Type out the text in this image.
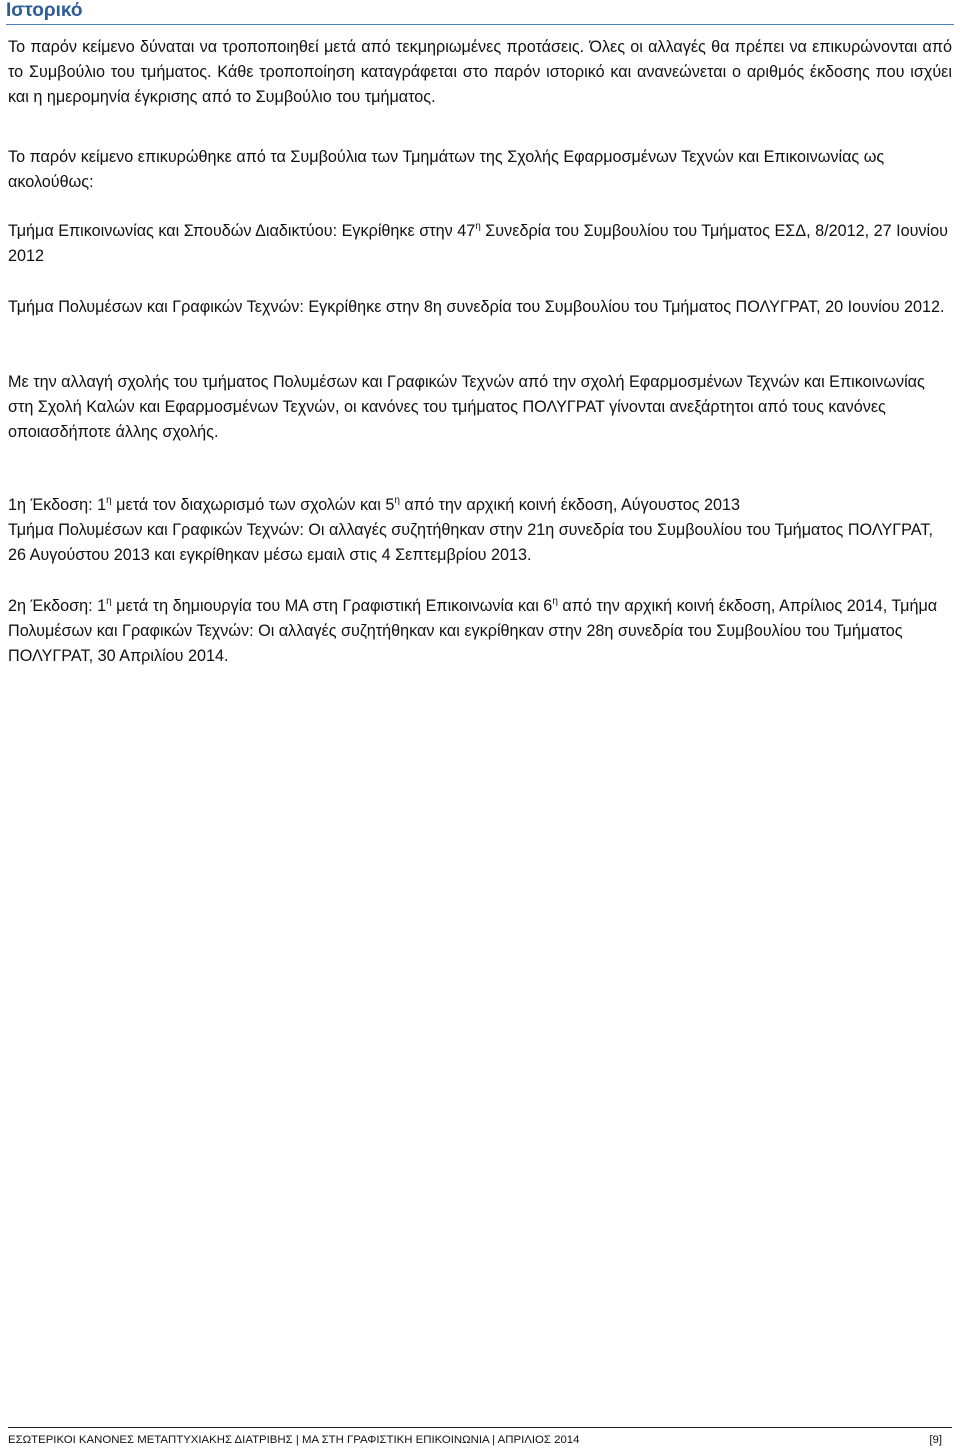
Ιστορικό

Το παρόν κείμενο δύναται να τροποποιηθεί μετά από τεκμηριωμένες προτάσεις. Όλες οι αλλαγές θα πρέπει να επικυρώνονται από το Συμβούλιο του τμήματος. Κάθε τροποποίηση καταγράφεται στο παρόν ιστορικό και ανανεώνεται ο αριθμός έκδοσης που ισχύει και η ημερομηνία έγκρισης από το Συμβούλιο του τμήματος.

Το παρόν κείμενο επικυρώθηκε από τα Συμβούλια των Τμημάτων της Σχολής Εφαρμοσμένων Τεχνών και Επικοινωνίας ως ακολούθως:

Τμήμα Επικοινωνίας και Σπουδών Διαδικτύου: Εγκρίθηκε στην $47^\eta$ Συνεδρία του Συμβουλίου του Τμήματος ΕΣΔ, 8/2012, 27 Ιουνίου 2012

Τμήμα Πολυμέσων και Γραφικών Τεχνών: Εγκρίθηκε στην 8η συνεδρία του Συμβουλίου του Τμήματος ΠΟΛΥΓΡΑΤ, 20 Ιουνίου 2012.

Με την αλλαγή σχολής του τμήματος Πολυμέσων και Γραφικών Τεχνών από την σχολή Εφαρμοσμένων Τεχνών και Επικοινωνίας στη Σχολή Καλών και Εφαρμοσμένων Τεχνών, οι κανόνες του τμήματος ΠΟΛΥΓΡΑΤ γίνονται ανεξάρτητοι από τους κανόνες οποιασδήποτε άλλης σχολής.

1η Έκδοση: $1^\eta$ μετά τον διαχωρισμό των σχολών και $5^\eta$ από την αρχική κοινή έκδοση, Αύγουστος 2013

Τμήμα Πολυμέσων και Γραφικών Τεχνών: Οι αλλαγές συζητήθηκαν στην 21η συνεδρία του Συμβουλίου του Τμήματος ΠΟΛΥΓΡΑΤ, 26 Αυγούστου 2013 και εγκρίθηκαν μέσω εμαιλ στις 4 Σεπτεμβρίου 2013.

2η Έκδοση: $1^\eta$ μετά τη δημιουργία του ΜΑ στη Γραφιστική Επικοινωνία και $6^\eta$ από την αρχική κοινή έκδοση, Απρίλιος 2014, Τμήμα Πολυμέσων και Γραφικών Τεχνών: Οι αλλαγές συζητήθηκαν και εγκρίθηκαν στην 28η συνεδρία του Συμβουλίου του Τμήματος ΠΟΛΥΓΡΑΤ, 30 Απριλίου 2014.

ΕΣΩΤΕΡΙΚΟΙ ΚΑΝΟΝΕΣ ΜΕΤΑΠΤΥΧΙΑΚΗΣ ΔΙΑΤΡΙΒΗΣ | ΜΑ ΣΤΗ ΓΡΑΦΙΣΤΙΚΗ ΕΠΙΚΟΙΝΩΝΙΑ | ΑΠΡΙΛΙΟΣ 2014	[9]
